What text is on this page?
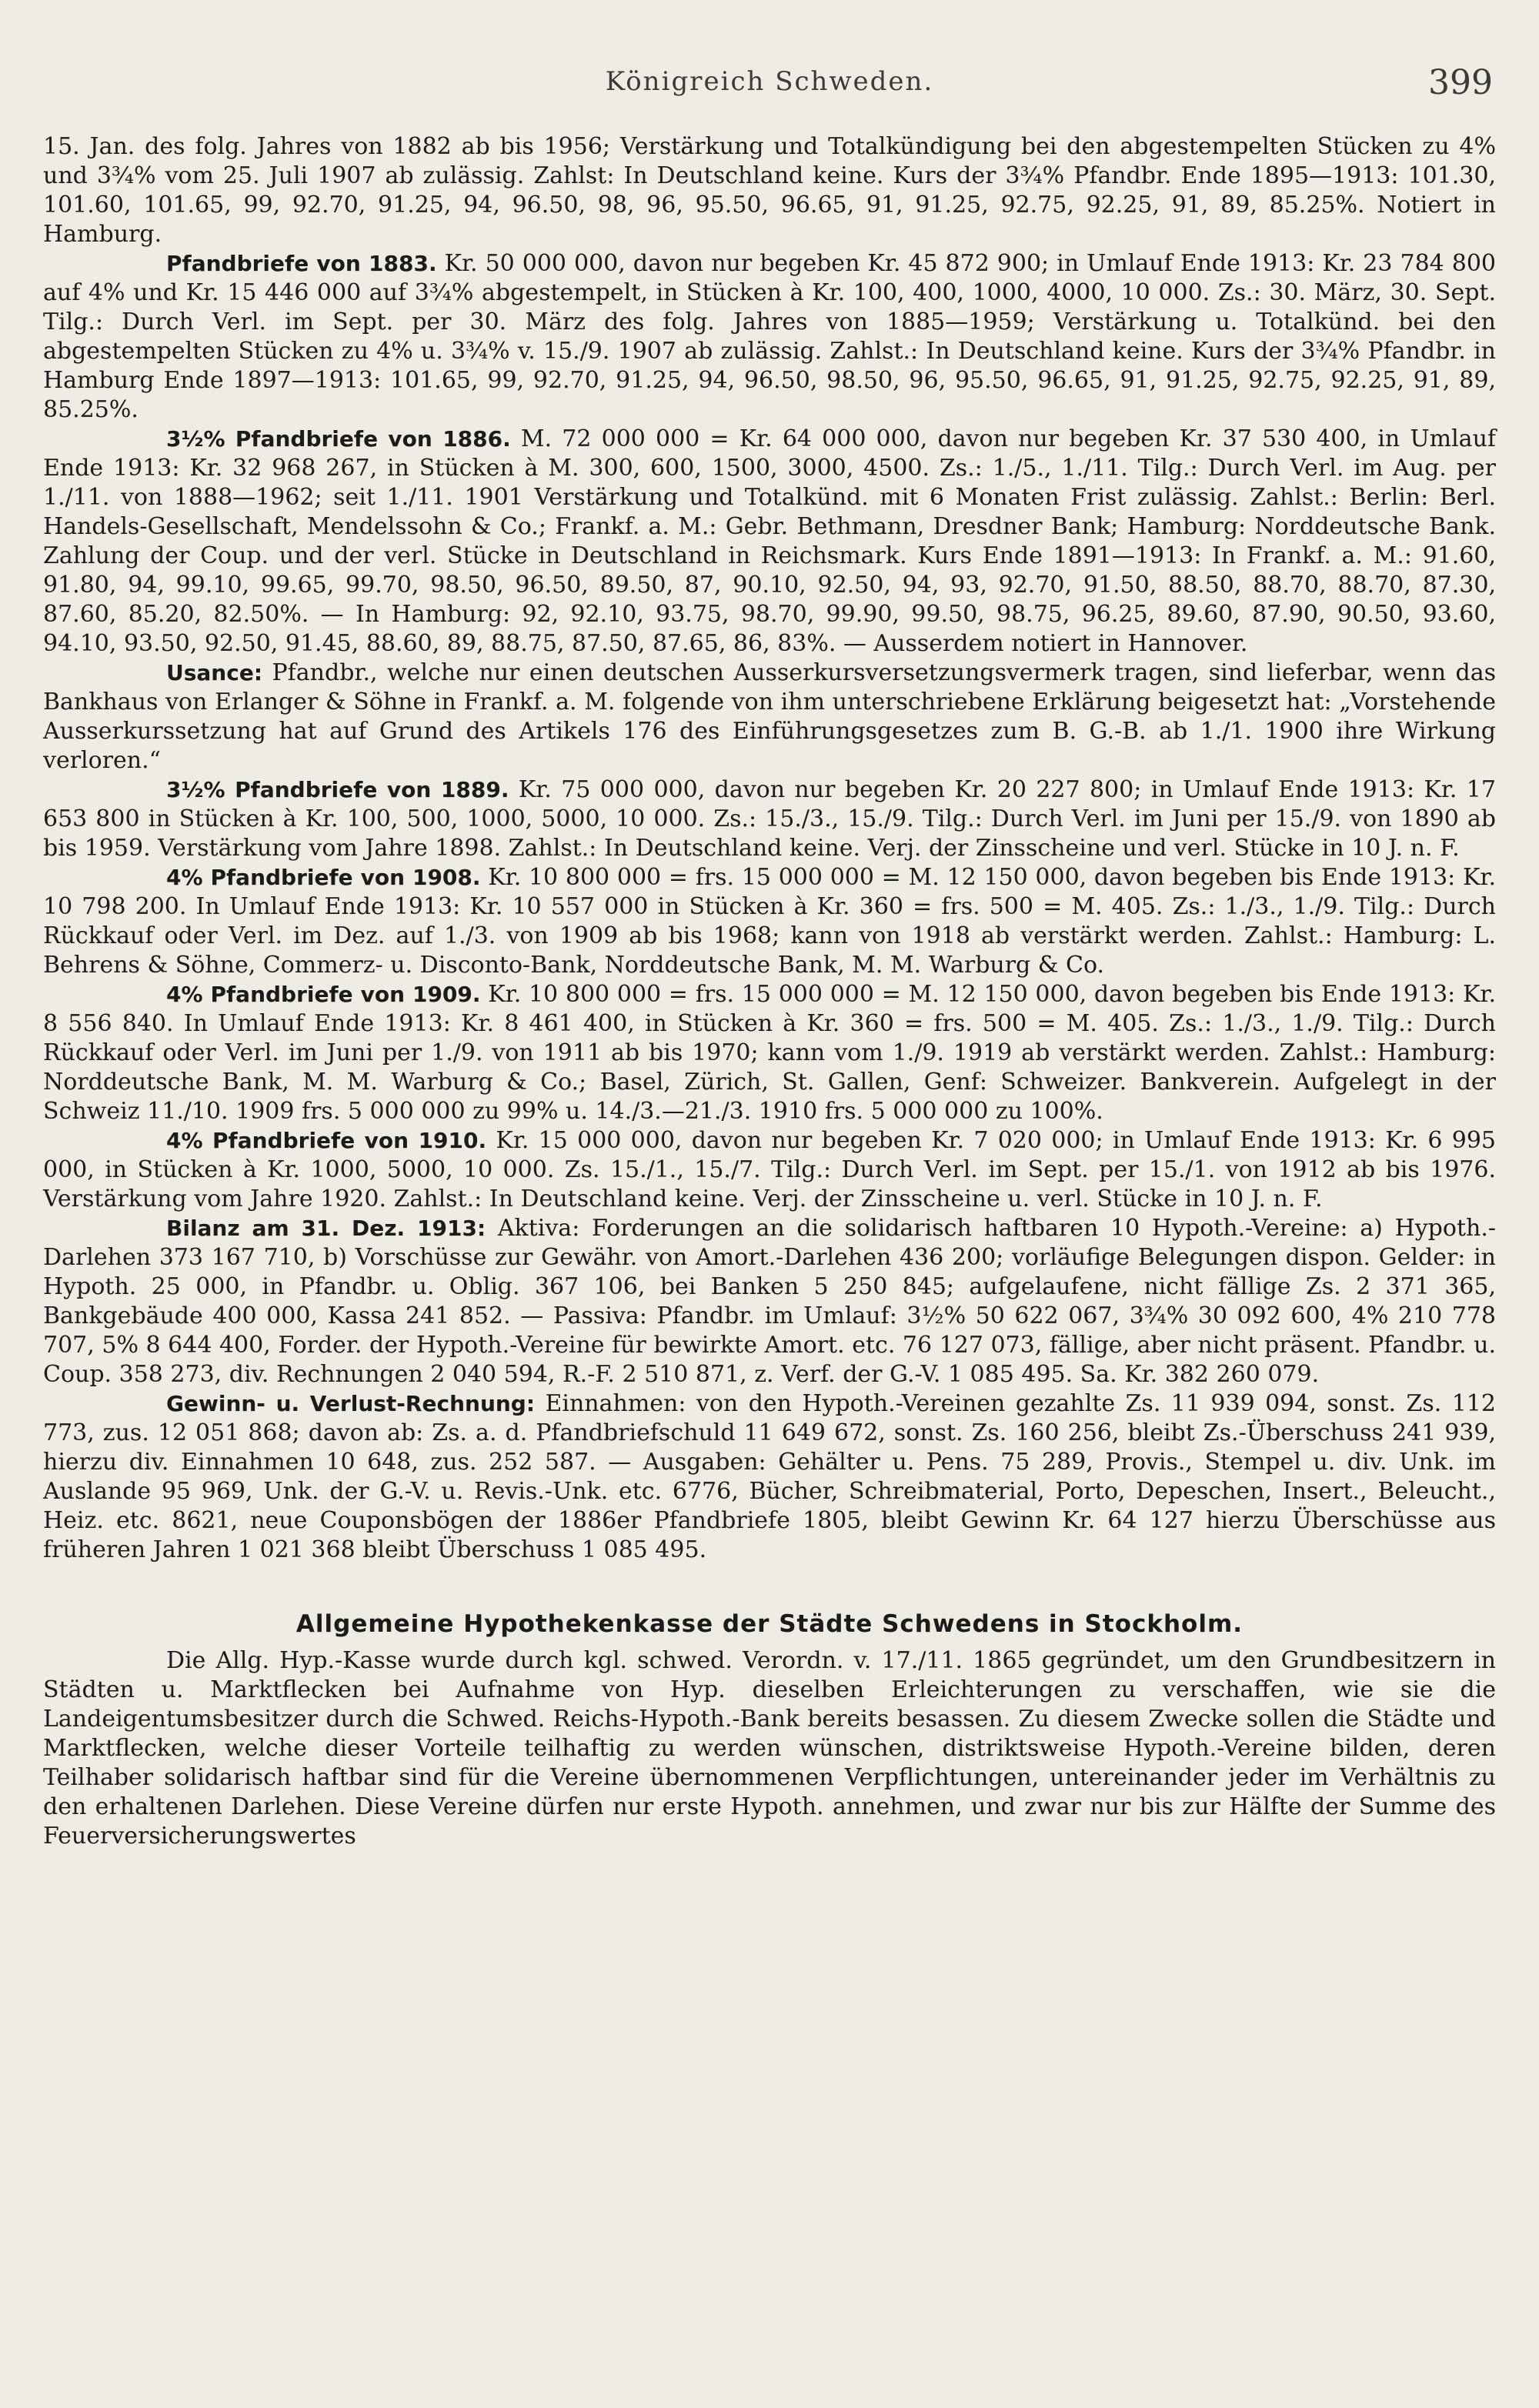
Königreich Schweden.	399

15. Jan. des folg. Jahres von 1882 ab bis 1956; Verstärkung und Totalkündigung bei den abgestempelten Stücken zu 4% und 3¾% vom 25. Juli 1907 ab zulässig. Zahlst: In Deutschland keine. Kurs der 3¾% Pfandbr. Ende 1895—1913: 101.30, 101.60, 101.65, 99, 92.70, 91.25, 94, 96.50, 98, 96, 95.50, 96.65, 91, 91.25, 92.75, 92.25, 91, 89, 85.25%. Notiert in Hamburg.

Pfandbriefe von 1883. Kr. 50 000 000, davon nur begeben Kr. 45 872 900; in Umlauf Ende 1913: Kr. 23 784 800 auf 4% und Kr. 15 446 000 auf 3¾% abgestempelt, in Stücken à Kr. 100, 400, 1000, 4000, 10 000. Zs.: 30. März, 30. Sept. Tilg.: Durch Verl. im Sept. per 30. März des folg. Jahres von 1885—1959; Verstärkung u. Totalkünd. bei den abgestempelten Stücken zu 4% u. 3¾% v. 15./9. 1907 ab zulässig. Zahlst.: In Deutschland keine. Kurs der 3¾% Pfandbr. in Hamburg Ende 1897—1913: 101.65, 99, 92.70, 91.25, 94, 96.50, 98.50, 96, 95.50, 96.65, 91, 91.25, 92.75, 92.25, 91, 89, 85.25%.

3½% Pfandbriefe von 1886. M. 72 000 000 = Kr. 64 000 000, davon nur begeben Kr. 37 530 400, in Umlauf Ende 1913: Kr. 32 968 267, in Stücken à M. 300, 600, 1500, 3000, 4500. Zs.: 1./5., 1./11. Tilg.: Durch Verl. im Aug. per 1./11. von 1888—1962; seit 1./11. 1901 Verstärkung und Totalkünd. mit 6 Monaten Frist zulässig. Zahlst.: Berlin: Berl. Handels-Gesellschaft, Mendelssohn & Co.; Frankf. a. M.: Gebr. Bethmann, Dresdner Bank; Hamburg: Norddeutsche Bank. Zahlung der Coup. und der verl. Stücke in Deutschland in Reichsmark. Kurs Ende 1891—1913: In Frankf. a. M.: 91.60, 91.80, 94, 99.10, 99.65, 99.70, 98.50, 96.50, 89.50, 87, 90.10, 92.50, 94, 93, 92.70, 91.50, 88.50, 88.70, 88.70, 87.30, 87.60, 85.20, 82.50%. — In Hamburg: 92, 92.10, 93.75, 98.70, 99.90, 99.50, 98.75, 96.25, 89.60, 87.90, 90.50, 93.60, 94.10, 93.50, 92.50, 91.45, 88.60, 89, 88.75, 87.50, 87.65, 86, 83%. — Ausserdem notiert in Hannover.

Usance: Pfandbr., welche nur einen deutschen Ausserkursversetzungsvermerk tragen, sind lieferbar, wenn das Bankhaus von Erlanger & Söhne in Frankf. a. M. folgende von ihm unterschriebene Erklärung beigesetzt hat: „Vorstehende Ausserkurssetzung hat auf Grund des Artikels 176 des Einführungsgesetzes zum B. G.-B. ab 1./1. 1900 ihre Wirkung verloren.“

3½% Pfandbriefe von 1889. Kr. 75 000 000, davon nur begeben Kr. 20 227 800; in Umlauf Ende 1913: Kr. 17 653 800 in Stücken à Kr. 100, 500, 1000, 5000, 10 000. Zs.: 15./3., 15./9. Tilg.: Durch Verl. im Juni per 15./9. von 1890 ab bis 1959. Verstärkung vom Jahre 1898. Zahlst.: In Deutschland keine. Verj. der Zinsscheine und verl. Stücke in 10 J. n. F.

4% Pfandbriefe von 1908. Kr. 10 800 000 = frs. 15 000 000 = M. 12 150 000, davon begeben bis Ende 1913: Kr. 10 798 200. In Umlauf Ende 1913: Kr. 10 557 000 in Stücken à Kr. 360 = frs. 500 = M. 405. Zs.: 1./3., 1./9. Tilg.: Durch Rückkauf oder Verl. im Dez. auf 1./3. von 1909 ab bis 1968; kann von 1918 ab verstärkt werden. Zahlst.: Hamburg: L. Behrens & Söhne, Commerz- u. Disconto-Bank, Norddeutsche Bank, M. M. Warburg & Co.

4% Pfandbriefe von 1909. Kr. 10 800 000 = frs. 15 000 000 = M. 12 150 000, davon begeben bis Ende 1913: Kr. 8 556 840. In Umlauf Ende 1913: Kr. 8 461 400, in Stücken à Kr. 360 = frs. 500 = M. 405. Zs.: 1./3., 1./9. Tilg.: Durch Rückkauf oder Verl. im Juni per 1./9. von 1911 ab bis 1970; kann vom 1./9. 1919 ab verstärkt werden. Zahlst.: Hamburg: Norddeutsche Bank, M. M. Warburg & Co.; Basel, Zürich, St. Gallen, Genf: Schweizer. Bankverein. Aufgelegt in der Schweiz 11./10. 1909 frs. 5 000 000 zu 99% u. 14./3.—21./3. 1910 frs. 5 000 000 zu 100%.

4% Pfandbriefe von 1910. Kr. 15 000 000, davon nur begeben Kr. 7 020 000; in Umlauf Ende 1913: Kr. 6 995 000, in Stücken à Kr. 1000, 5000, 10 000. Zs. 15./1., 15./7. Tilg.: Durch Verl. im Sept. per 15./1. von 1912 ab bis 1976. Verstärkung vom Jahre 1920. Zahlst.: In Deutschland keine. Verj. der Zinsscheine u. verl. Stücke in 10 J. n. F.

Bilanz am 31. Dez. 1913: Aktiva: Forderungen an die solidarisch haftbaren 10 Hypoth.-Vereine: a) Hypoth.-Darlehen 373 167 710, b) Vorschüsse zur Gewähr. von Amort.-Darlehen 436 200; vorläufige Belegungen dispon. Gelder: in Hypoth. 25 000, in Pfandbr. u. Oblig. 367 106, bei Banken 5 250 845; aufgelaufene, nicht fällige Zs. 2 371 365, Bankgebäude 400 000, Kassa 241 852. — Passiva: Pfandbr. im Umlauf: 3½% 50 622 067, 3¾% 30 092 600, 4% 210 778 707, 5% 8 644 400, Forder. der Hypoth.-Vereine für bewirkte Amort. etc. 76 127 073, fällige, aber nicht präsent. Pfandbr. u. Coup. 358 273, div. Rechnungen 2 040 594, R.-F. 2 510 871, z. Verf. der G.-V. 1 085 495. Sa. Kr. 382 260 079.

Gewinn- u. Verlust-Rechnung: Einnahmen: von den Hypoth.-Vereinen gezahlte Zs. 11 939 094, sonst. Zs. 112 773, zus. 12 051 868; davon ab: Zs. a. d. Pfandbriefschuld 11 649 672, sonst. Zs. 160 256, bleibt Zs.-Überschuss 241 939, hierzu div. Einnahmen 10 648, zus. 252 587. — Ausgaben: Gehälter u. Pens. 75 289, Provis., Stempel u. div. Unk. im Auslande 95 969, Unk. der G.-V. u. Revis.-Unk. etc. 6776, Bücher, Schreibmaterial, Porto, Depeschen, Insert., Beleucht., Heiz. etc. 8621, neue Couponsbögen der 1886er Pfandbriefe 1805, bleibt Gewinn Kr. 64 127 hierzu Überschüsse aus früheren Jahren 1 021 368 bleibt Überschuss 1 085 495.

Allgemeine Hypothekenkasse der Städte Schwedens in Stockholm.

Die Allg. Hyp.-Kasse wurde durch kgl. schwed. Verordn. v. 17./11. 1865 gegründet, um den Grundbesitzern in Städten u. Marktflecken bei Aufnahme von Hyp. dieselben Erleichterungen zu verschaffen, wie sie die Landeigentumsbesitzer durch die Schwed. Reichs-Hypoth.-Bank bereits besassen. Zu diesem Zwecke sollen die Städte und Marktflecken, welche dieser Vorteile teilhaftig zu werden wünschen, distriktsweise Hypoth.-Vereine bilden, deren Teilhaber solidarisch haftbar sind für die Vereine übernommenen Verpflichtungen, untereinander jeder im Verhältnis zu den erhaltenen Darlehen. Diese Vereine dürfen nur erste Hypoth. annehmen, und zwar nur bis zur Hälfte der Summe des Feuerversicherungswertes
